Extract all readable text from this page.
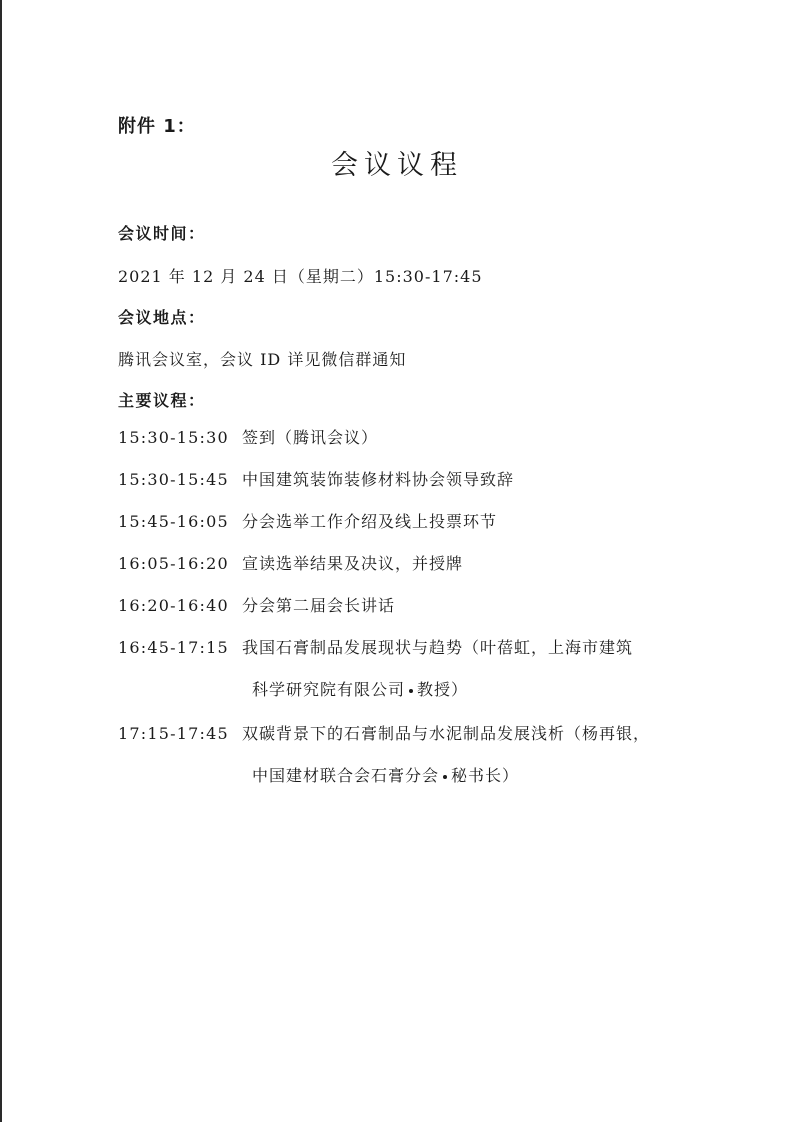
附件 1：
会议议程
会议时间：
2021 年 12 月 24 日（星期二）15:30-17:45
会议地点：
腾讯会议室，会议 ID 详见微信群通知
主要议程：
15:30-15:30 签到（腾讯会议）
15:30-15:45 中国建筑装饰装修材料协会领导致辞
15:45-16:05 分会选举工作介绍及线上投票环节
16:05-16:20 宣读选举结果及决议，并授牌
16:20-16:40 分会第二届会长讲话
16:45-17:15 我国石膏制品发展现状与趋势（叶蓓虹，上海市建筑
科学研究院有限公司 教授）
17:15-17:45 双碳背景下的石膏制品与水泥制品发展浅析（杨再银，
中国建材联合会石膏分会 秘书长）
